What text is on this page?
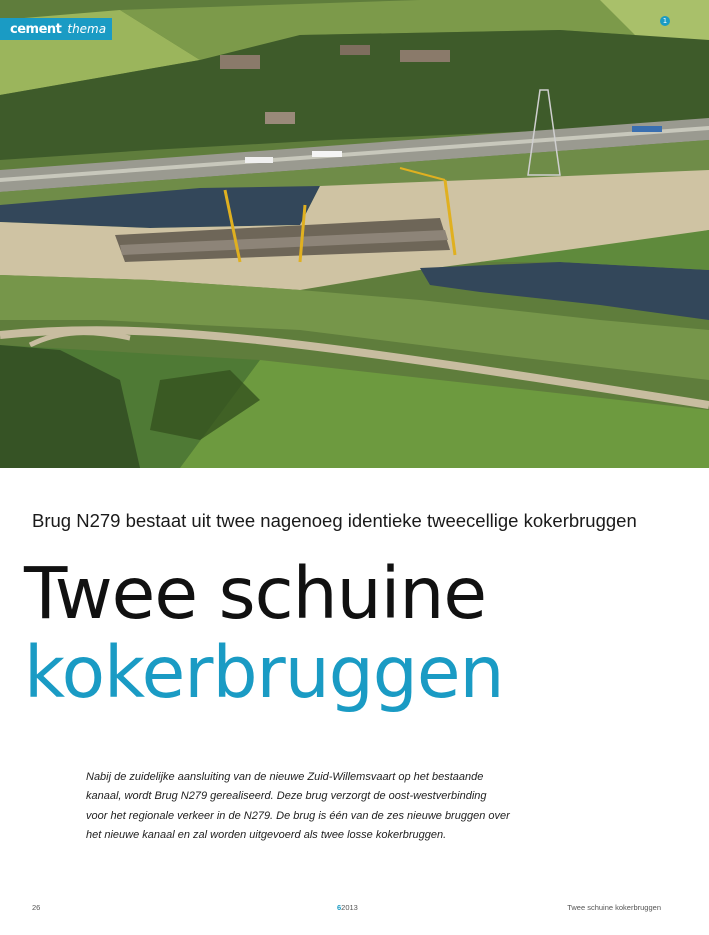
cement thema
1
Brug N279 bestaat uit twee nagenoeg identieke tweecellige kokerbruggen
Twee schuine
kokerbruggen
Nabij de zuidelijke aansluiting van de nieuwe Zuid-Willemsvaart op het bestaande
kanaal, wordt Brug N279 gerealiseerd. Deze brug verzorgt de oost-westverbinding
voor het regionale verkeer in de N279. De brug is één van de zes nieuwe bruggen over
het nieuwe kanaal en zal worden uitgevoerd als twee losse kokerbruggen.
26	62013	Twee schuine kokerbruggen
